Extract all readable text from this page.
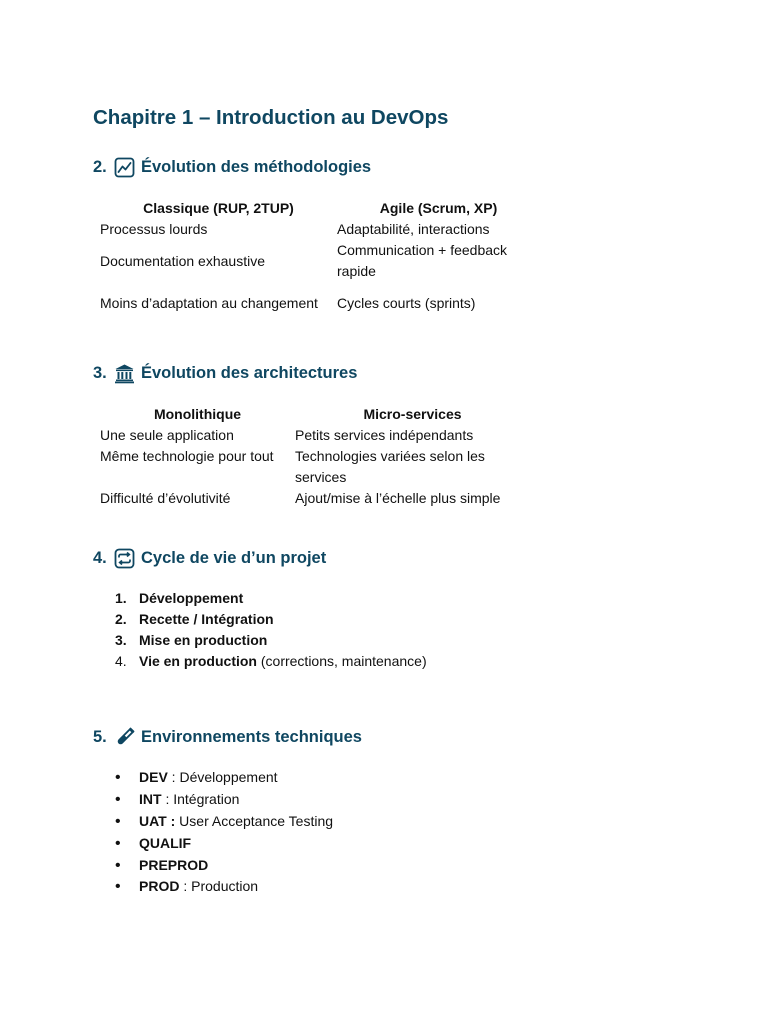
Chapitre 1 – Introduction au DevOps
2.	Évolution des méthodologies
Classique (RUP, 2TUP)	Agile (Scrum, XP)
Processus lourds	Adaptabilité, interactions
Documentation exhaustive	Communication + feedback rapide
Moins d’adaptation au changement	Cycles courts (sprints)
3.	Évolution des architectures
Monolithique	Micro-services
Une seule application	Petits services indépendants
Même technologie pour tout	Technologies variées selon les services
Difficulté d’évolutivité	Ajout/mise à l’échelle plus simple
4.	Cycle de vie d’un projet
1. Développement
2. Recette / Intégration
3. Mise en production
4. Vie en production (corrections, maintenance)
5.	Environnements techniques
•	DEV : Développement
•	INT : Intégration
•	UAT : User Acceptance Testing
•	QUALIF
•	PREPROD
•	PROD : Production
